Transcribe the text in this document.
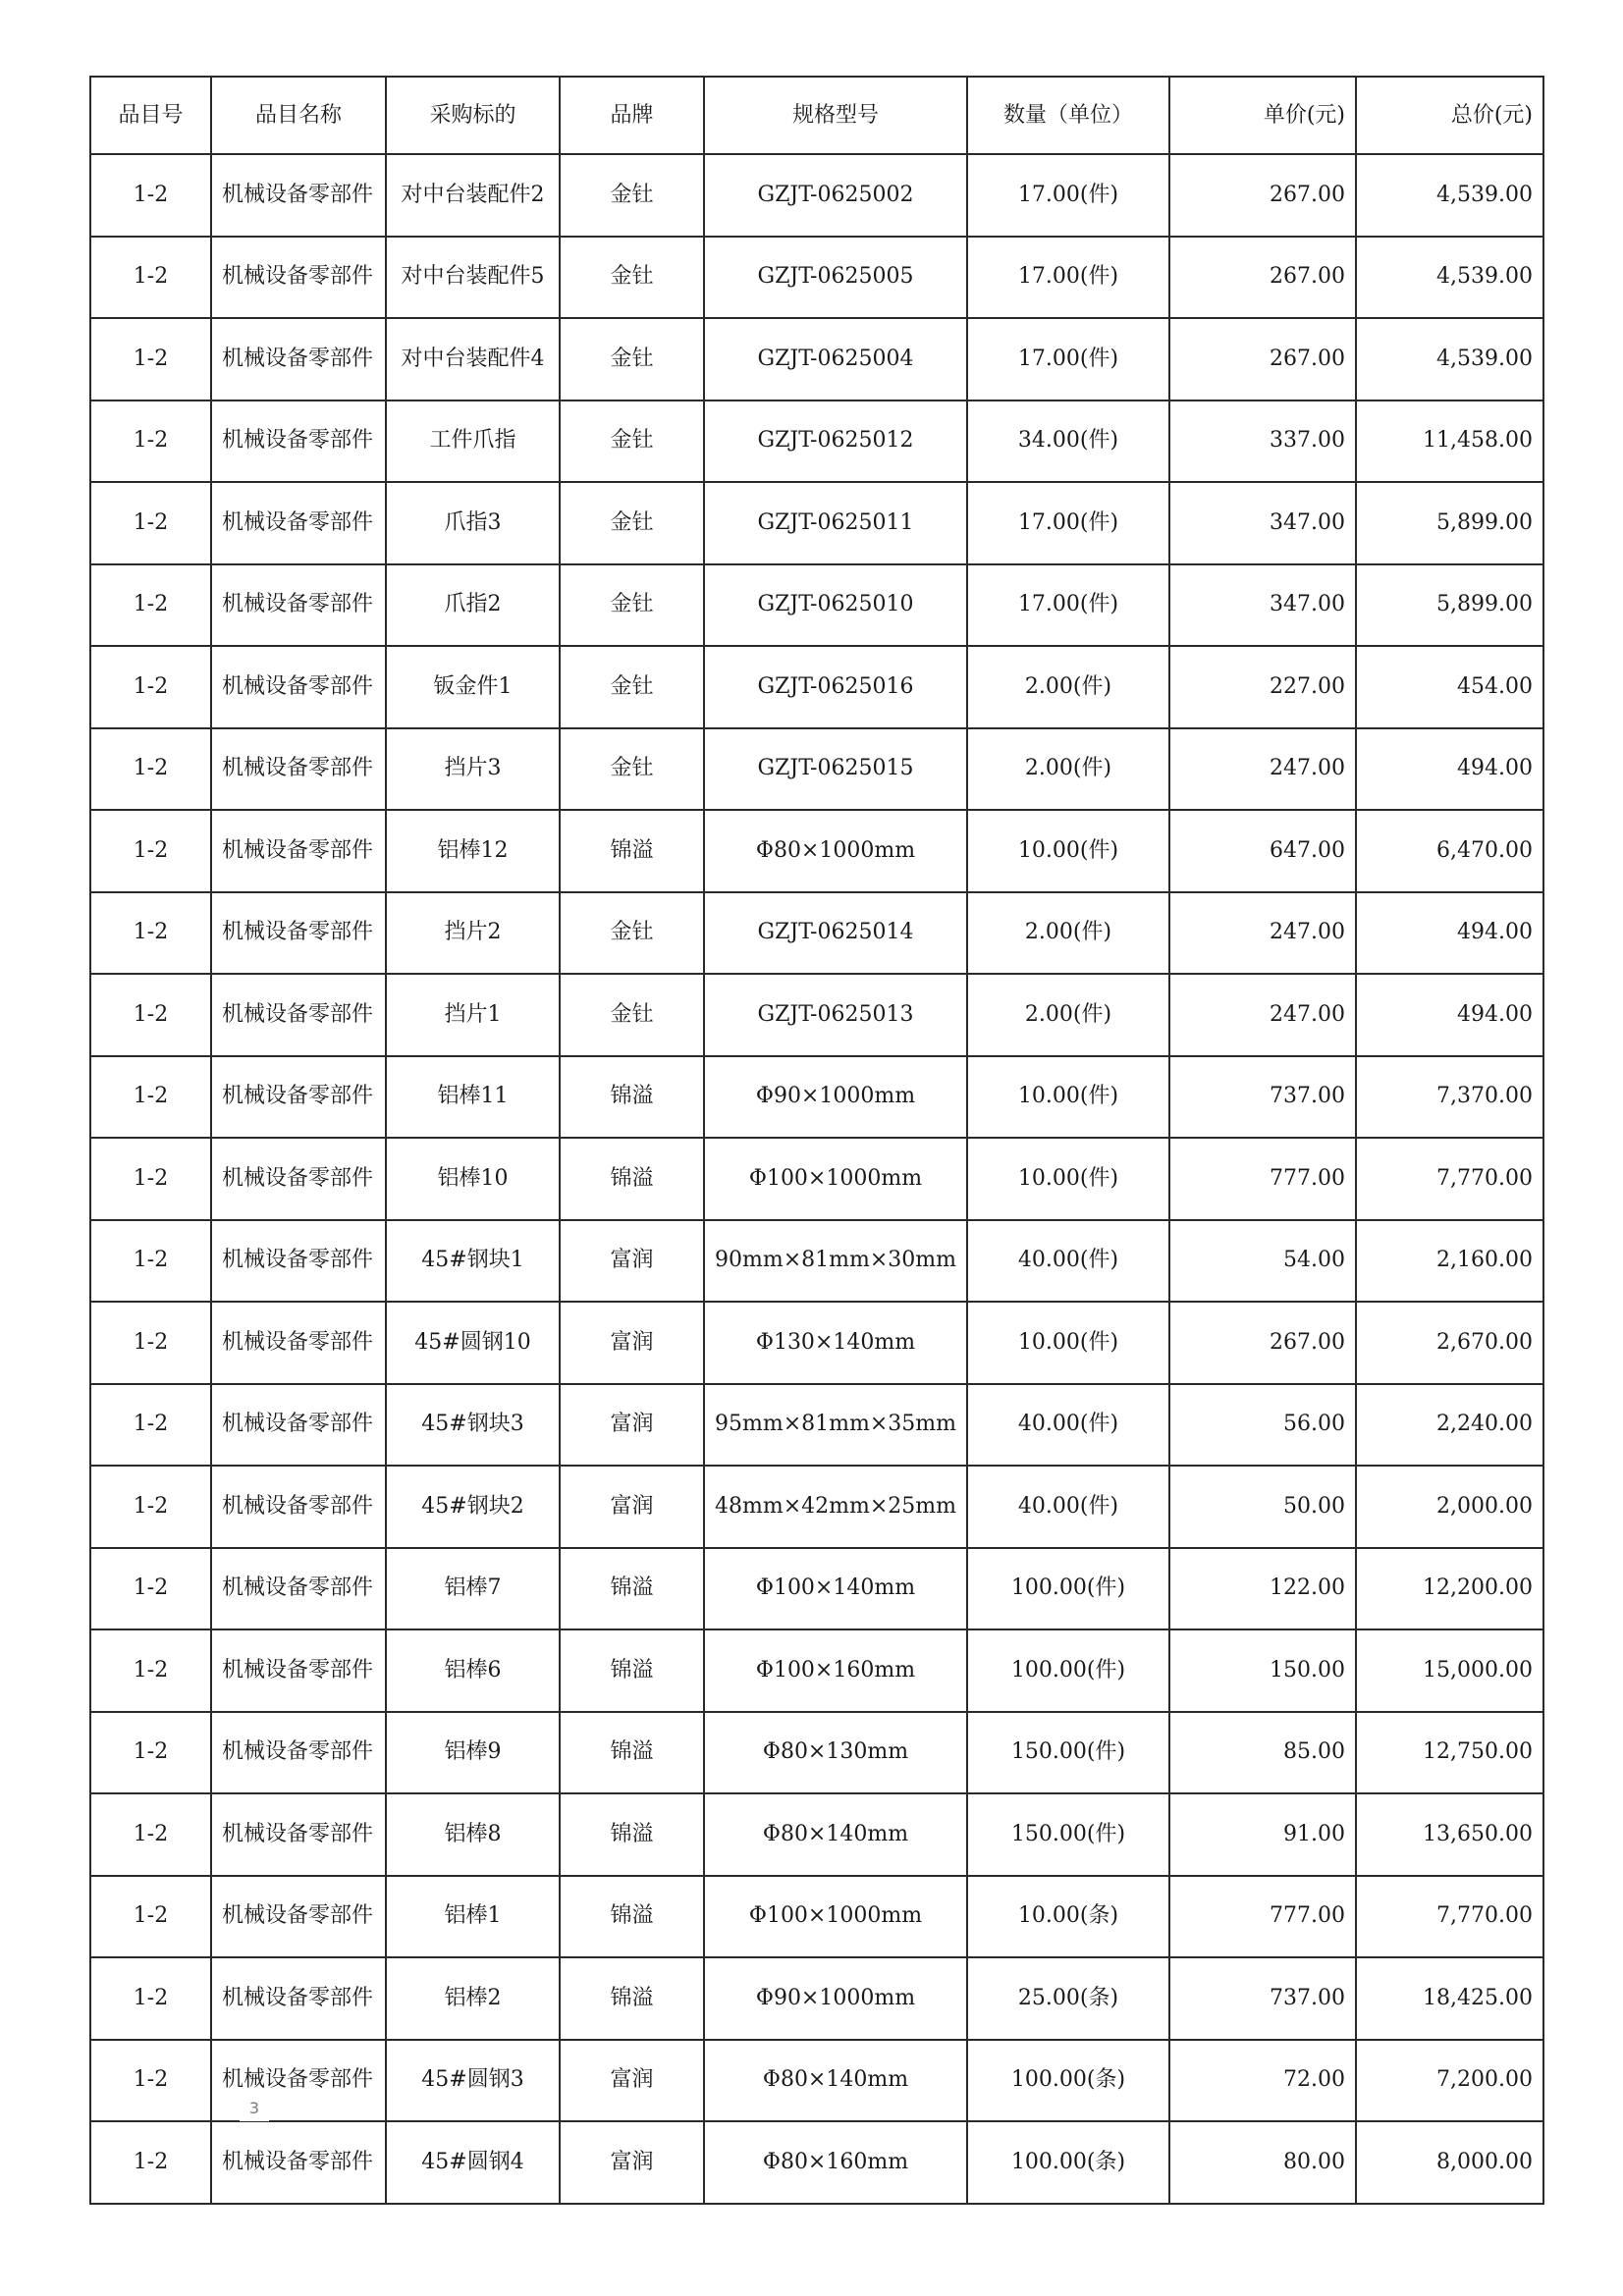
品目号	品目名称	采购标的	品牌	规格型号	数量（单位）	单价(元)	总价(元)
1-2	机械设备零部件	对中台装配件2	金钍	GZJT-0625002	17.00(件)	267.00	4,539.00
1-2	机械设备零部件	对中台装配件5	金钍	GZJT-0625005	17.00(件)	267.00	4,539.00
1-2	机械设备零部件	对中台装配件4	金钍	GZJT-0625004	17.00(件)	267.00	4,539.00
1-2	机械设备零部件	工件爪指	金钍	GZJT-0625012	34.00(件)	337.00	11,458.00
1-2	机械设备零部件	爪指3	金钍	GZJT-0625011	17.00(件)	347.00	5,899.00
1-2	机械设备零部件	爪指2	金钍	GZJT-0625010	17.00(件)	347.00	5,899.00
1-2	机械设备零部件	钣金件1	金钍	GZJT-0625016	2.00(件)	227.00	454.00
1-2	机械设备零部件	挡片3	金钍	GZJT-0625015	2.00(件)	247.00	494.00
1-2	机械设备零部件	铝棒12	锦溢	Φ80×1000mm	10.00(件)	647.00	6,470.00
1-2	机械设备零部件	挡片2	金钍	GZJT-0625014	2.00(件)	247.00	494.00
1-2	机械设备零部件	挡片1	金钍	GZJT-0625013	2.00(件)	247.00	494.00
1-2	机械设备零部件	铝棒11	锦溢	Φ90×1000mm	10.00(件)	737.00	7,370.00
1-2	机械设备零部件	铝棒10	锦溢	Φ100×1000mm	10.00(件)	777.00	7,770.00
1-2	机械设备零部件	45#钢块1	富润	90mm×81mm×30mm	40.00(件)	54.00	2,160.00
1-2	机械设备零部件	45#圆钢10	富润	Φ130×140mm	10.00(件)	267.00	2,670.00
1-2	机械设备零部件	45#钢块3	富润	95mm×81mm×35mm	40.00(件)	56.00	2,240.00
1-2	机械设备零部件	45#钢块2	富润	48mm×42mm×25mm	40.00(件)	50.00	2,000.00
1-2	机械设备零部件	铝棒7	锦溢	Φ100×140mm	100.00(件)	122.00	12,200.00
1-2	机械设备零部件	铝棒6	锦溢	Φ100×160mm	100.00(件)	150.00	15,000.00
1-2	机械设备零部件	铝棒9	锦溢	Φ80×130mm	150.00(件)	85.00	12,750.00
1-2	机械设备零部件	铝棒8	锦溢	Φ80×140mm	150.00(件)	91.00	13,650.00
1-2	机械设备零部件	铝棒1	锦溢	Φ100×1000mm	10.00(条)	777.00	7,770.00
1-2	机械设备零部件	铝棒2	锦溢	Φ90×1000mm	25.00(条)	737.00	18,425.00
1-2	机械设备零部件	45#圆钢3	富润	Φ80×140mm	100.00(条)	72.00	7,200.00
1-2	机械设备零部件	45#圆钢4	富润	Φ80×160mm	100.00(条)	80.00	8,000.00
3
